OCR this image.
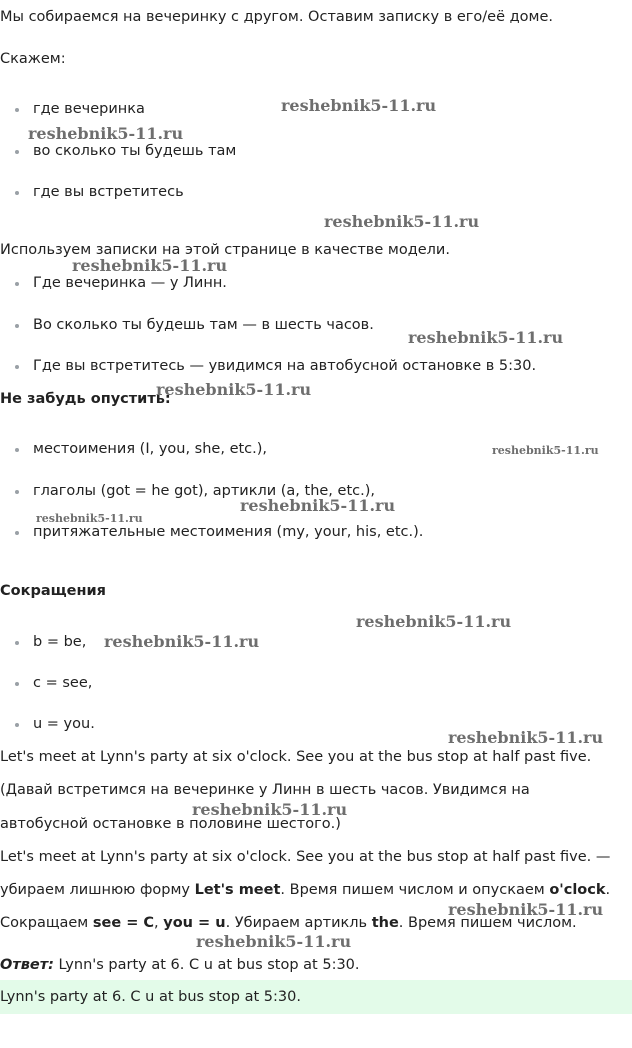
Мы собираемся на вечеринку с другом. Оставим записку в его/её доме.
Скажем:
где вечеринка
во сколько ты будешь там
где вы встретитесь
Используем записки на этой странице в качестве модели.
Где вечеринка — у Линн.
Во сколько ты будешь там — в шесть часов.
Где вы встретитесь — увидимся на автобусной остановке в 5:30.
Не забудь опустить:
местоимения (I, you, she, etc.),
глаголы (got = he got), артикли (a, the, etc.),
притяжательные местоимения (my, your, his, etc.).
Сокращения
b = be,
c = see,
u = you.
Let's meet at Lynn's party at six o'clock. See you at the bus stop at half past five.
(Давай встретимся на вечеринке у Линн в шесть часов. Увидимся на
автобусной остановке в половине шестого.)
Let's meet at Lynn's party at six o'clock. See you at the bus stop at half past five. —
убираем лишнюю форму Let's meet. Время пишем числом и опускаем o'clock.
Сокращаем see = C, you = u. Убираем артикль the. Время пишем числом.
Ответ: Lynn's party at 6. C u at bus stop at 5:30.
Lynn's party at 6. C u at bus stop at 5:30.
reshebnik5-11.ru
reshebnik5-11.ru
reshebnik5-11.ru
reshebnik5-11.ru
reshebnik5-11.ru
reshebnik5-11.ru
reshebnik5-11.ru
reshebnik5-11.ru
reshebnik5-11.ru
reshebnik5-11.ru
reshebnik5-11.ru
reshebnik5-11.ru
reshebnik5-11.ru
reshebnik5-11.ru
reshebnik5-11.ru
